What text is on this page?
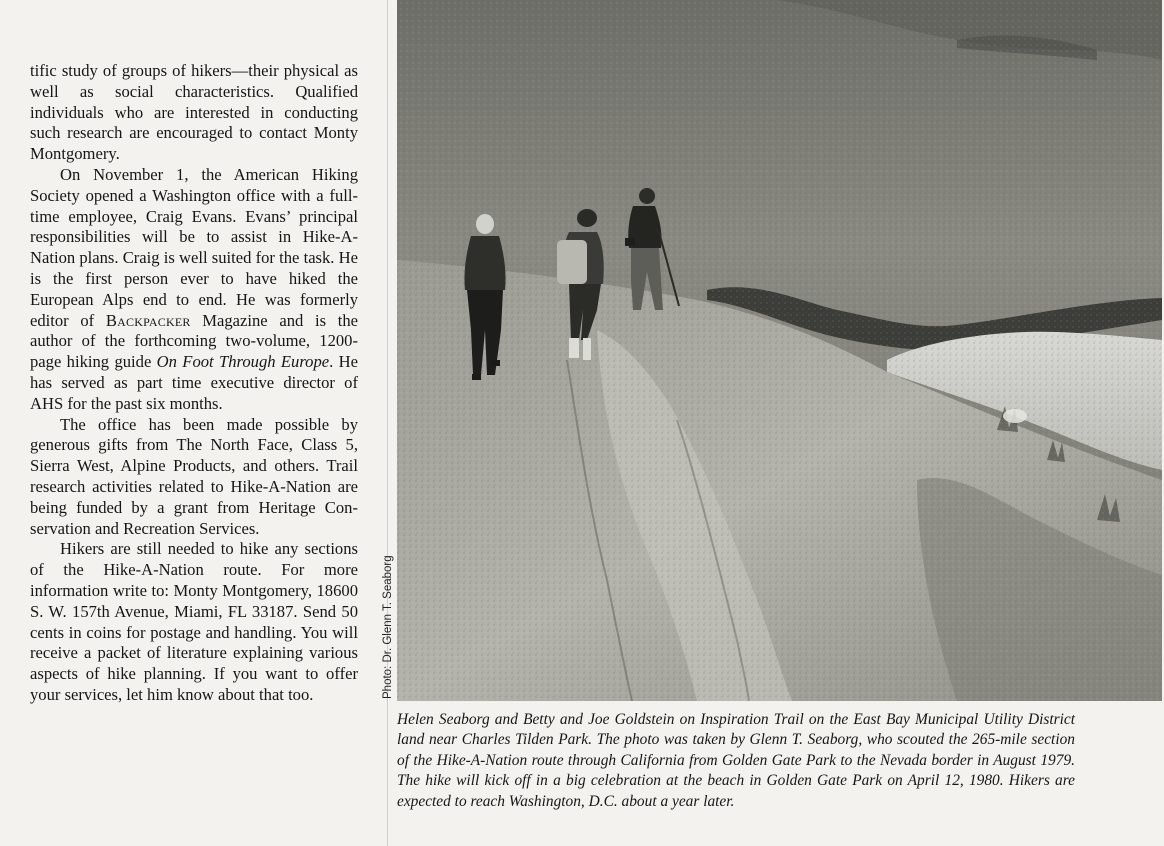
tific study of groups of hikers—their physical as well as social characteristics. Qualified individuals who are interested in conducting such research are encouraged to contact Monty Montgomery.

On November 1, the American Hiking Society opened a Washington office with a full-time employee, Craig Evans. Evans’ principal responsibilities will be to assist in Hike-A-Nation plans. Craig is well suited for the task. He is the first person ever to have hiked the European Alps end to end. He was formerly editor of Backpacker Magazine and is the author of the forthcoming two-volume, 1200-page hiking guide On Foot Through Europe. He has served as part time executive director of AHS for the past six months.

The office has been made possible by generous gifts from The North Face, Class 5, Sierra West, Alpine Products, and others. Trail research activities related to Hike-A-Nation are being funded by a grant from Heritage Conservation and Recreation Services.

Hikers are still needed to hike any sections of the Hike-A-Nation route. For more information write to: Monty Montgomery, 18600 S. W. 157th Avenue, Miami, FL 33187. Send 50 cents in coins for postage and handling. You will receive a packet of literature explaining various aspects of hike planning. If you want to offer your services, let him know about that too.	Photo: Dr. Glenn T. Seaborg
Helen Seaborg and Betty and Joe Goldstein on Inspiration Trail on the East Bay Municipal Utility District land near Charles Tilden Park. The photo was taken by Glenn T. Seaborg, who scouted the 265-mile section of the Hike-A-Nation route through California from Golden Gate Park to the Nevada border in August 1979. The hike will kick off in a big celebration at the beach in Golden Gate Park on April 12, 1980. Hikers are expected to reach Washington, D.C. about a year later.
